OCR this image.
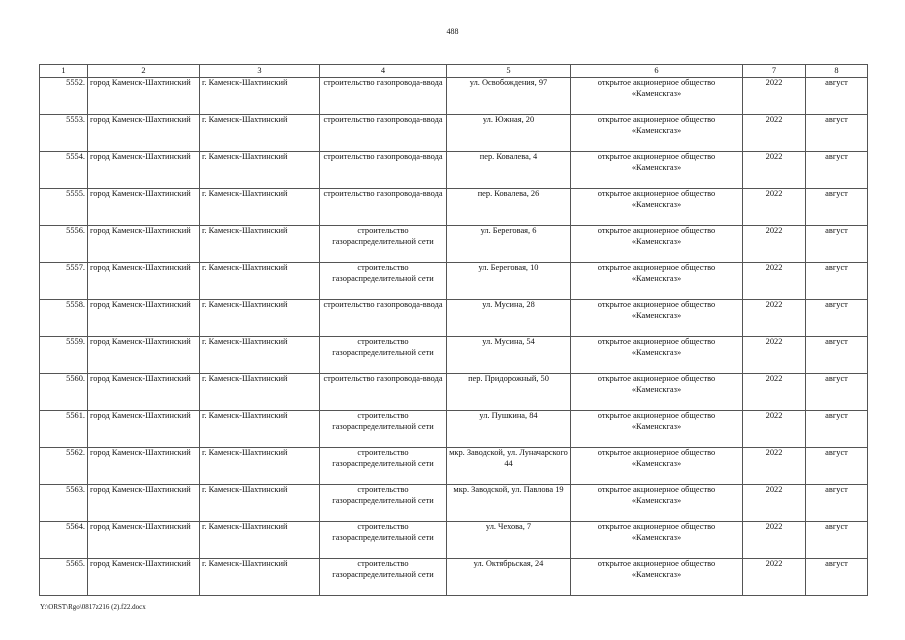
488
1	2	3	4	5	6	7	8
5552.	город Каменск-Шахтинский	г. Каменск-Шахтинский	строительство газопровода-ввода	ул. Освобождения, 97	открытое акционерное общество «Каменскгаз»	2022	август
5553.	город Каменск-Шахтинский	г. Каменск-Шахтинский	строительство газопровода-ввода	ул. Южная, 20	открытое акционерное общество «Каменскгаз»	2022	август
5554.	город Каменск-Шахтинский	г. Каменск-Шахтинский	строительство газопровода-ввода	пер. Ковалева, 4	открытое акционерное общество «Каменскгаз»	2022	август
5555.	город Каменск-Шахтинский	г. Каменск-Шахтинский	строительство газопровода-ввода	пер. Ковалева, 26	открытое акционерное общество «Каменскгаз»	2022	август
5556.	город Каменск-Шахтинский	г. Каменск-Шахтинский	строительство газораспределительной сети	ул. Береговая, 6	открытое акционерное общество «Каменскгаз»	2022	август
5557.	город Каменск-Шахтинский	г. Каменск-Шахтинский	строительство газораспределительной сети	ул. Береговая, 10	открытое акционерное общество «Каменскгаз»	2022	август
5558.	город Каменск-Шахтинский	г. Каменск-Шахтинский	строительство газопровода-ввода	ул. Мусина, 28	открытое акционерное общество «Каменскгаз»	2022	август
5559.	город Каменск-Шахтинский	г. Каменск-Шахтинский	строительство газораспределительной сети	ул. Мусина, 54	открытое акционерное общество «Каменскгаз»	2022	август
5560.	город Каменск-Шахтинский	г. Каменск-Шахтинский	строительство газопровода-ввода	пер. Придорожный, 50	открытое акционерное общество «Каменскгаз»	2022	август
5561.	город Каменск-Шахтинский	г. Каменск-Шахтинский	строительство газораспределительной сети	ул. Пушкина, 84	открытое акционерное общество «Каменскгаз»	2022	август
5562.	город Каменск-Шахтинский	г. Каменск-Шахтинский	строительство газораспределительной сети	мкр. Заводской, ул. Луначарского 44	открытое акционерное общество «Каменскгаз»	2022	август
5563.	город Каменск-Шахтинский	г. Каменск-Шахтинский	строительство газораспределительной сети	мкр. Заводской, ул. Павлова 19	открытое акционерное общество «Каменскгаз»	2022	август
5564.	город Каменск-Шахтинский	г. Каменск-Шахтинский	строительство газораспределительной сети	ул. Чехова, 7	открытое акционерное общество «Каменскгаз»	2022	август
5565.	город Каменск-Шахтинский	г. Каменск-Шахтинский	строительство газораспределительной сети	ул. Октябрьская, 24	открытое акционерное общество «Каменскгаз»	2022	август
Y:\ORST\Rgo\0817z216 (2).f22.docx
